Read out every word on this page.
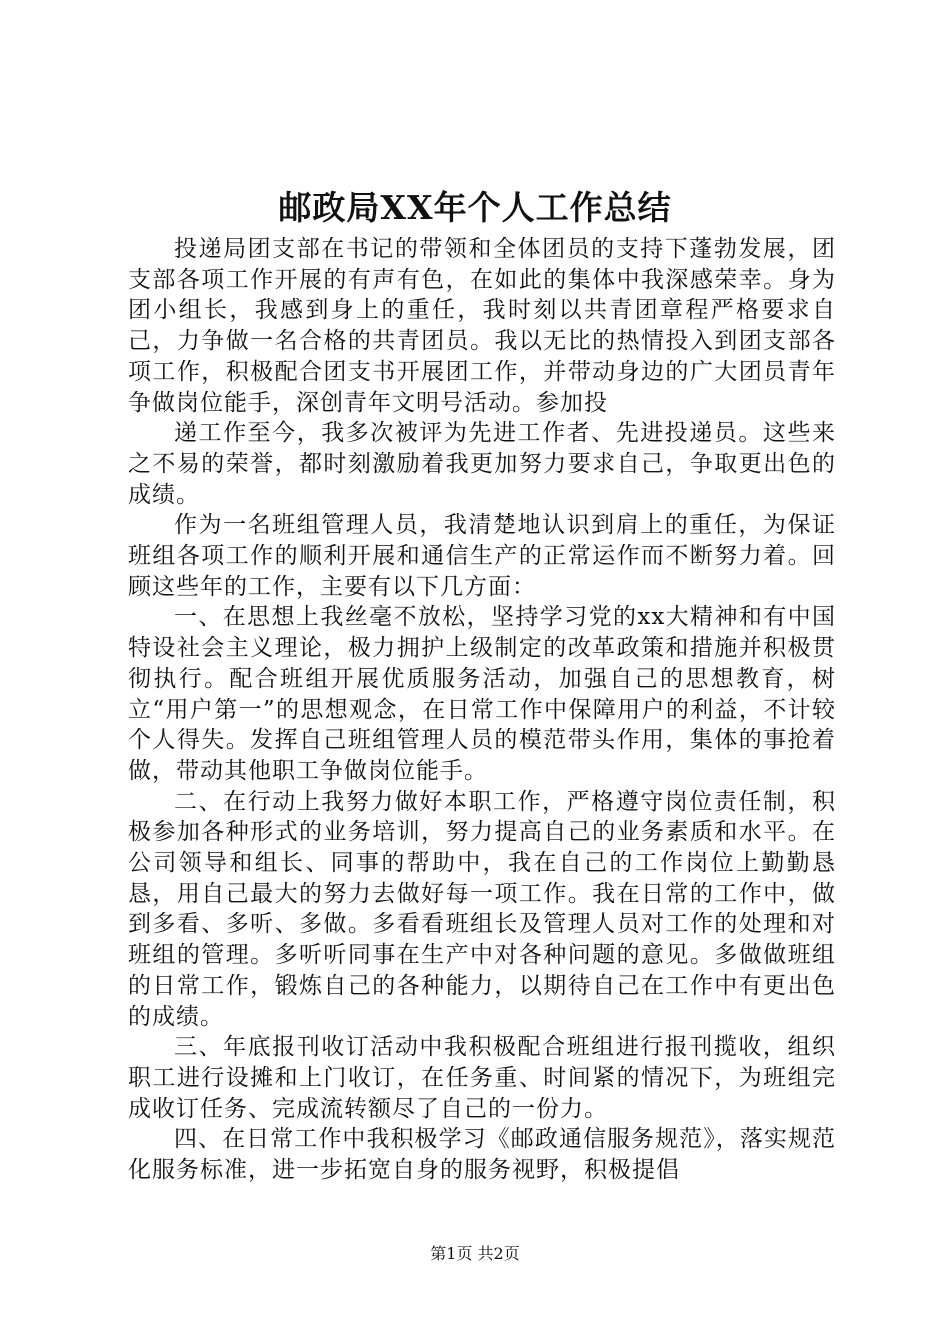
邮政局XX年个人工作总结

投递局团支部在书记的带领和全体团员的支持下蓬勃发展，团支部各项工作开展的有声有色，在如此的集体中我深感荣幸。身为团小组长，我感到身上的重任，我时刻以共青团章程严格要求自己，力争做一名合格的共青团员。我以无比的热情投入到团支部各项工作，积极配合团支书开展团工作，并带动身边的广大团员青年争做岗位能手，深创青年文明号活动。参加投

递工作至今，我多次被评为先进工作者、先进投递员。这些来之不易的荣誉，都时刻激励着我更加努力要求自己，争取更出色的成绩。

作为一名班组管理人员，我清楚地认识到肩上的重任，为保证班组各项工作的顺利开展和通信生产的正常运作而不断努力着。回顾这些年的工作，主要有以下几方面：

一、在思想上我丝毫不放松，坚持学习党的xx大精神和有中国特设社会主义理论，极力拥护上级制定的改革政策和措施并积极贯彻执行。配合班组开展优质服务活动，加强自己的思想教育，树立“用户第一”的思想观念，在日常工作中保障用户的利益，不计较个人得失。发挥自己班组管理人员的模范带头作用，集体的事抢着做，带动其他职工争做岗位能手。

二、在行动上我努力做好本职工作，严格遵守岗位责任制，积极参加各种形式的业务培训，努力提高自己的业务素质和水平。在公司领导和组长、同事的帮助中，我在自己的工作岗位上勤勤恳恳，用自己最大的努力去做好每一项工作。我在日常的工作中，做到多看、多听、多做。多看看班组长及管理人员对工作的处理和对班组的管理。多听听同事在生产中对各种问题的意见。多做做班组的日常工作，锻炼自己的各种能力，以期待自己在工作中有更出色的成绩。

三、年底报刊收订活动中我积极配合班组进行报刊揽收，组织职工进行设摊和上门收订，在任务重、时间紧的情况下，为班组完成收订任务、完成流转额尽了自己的一份力。

四、在日常工作中我积极学习《邮政通信服务规范》，落实规范化服务标准，进一步拓宽自身的服务视野，积极提倡

第1页 共2页
